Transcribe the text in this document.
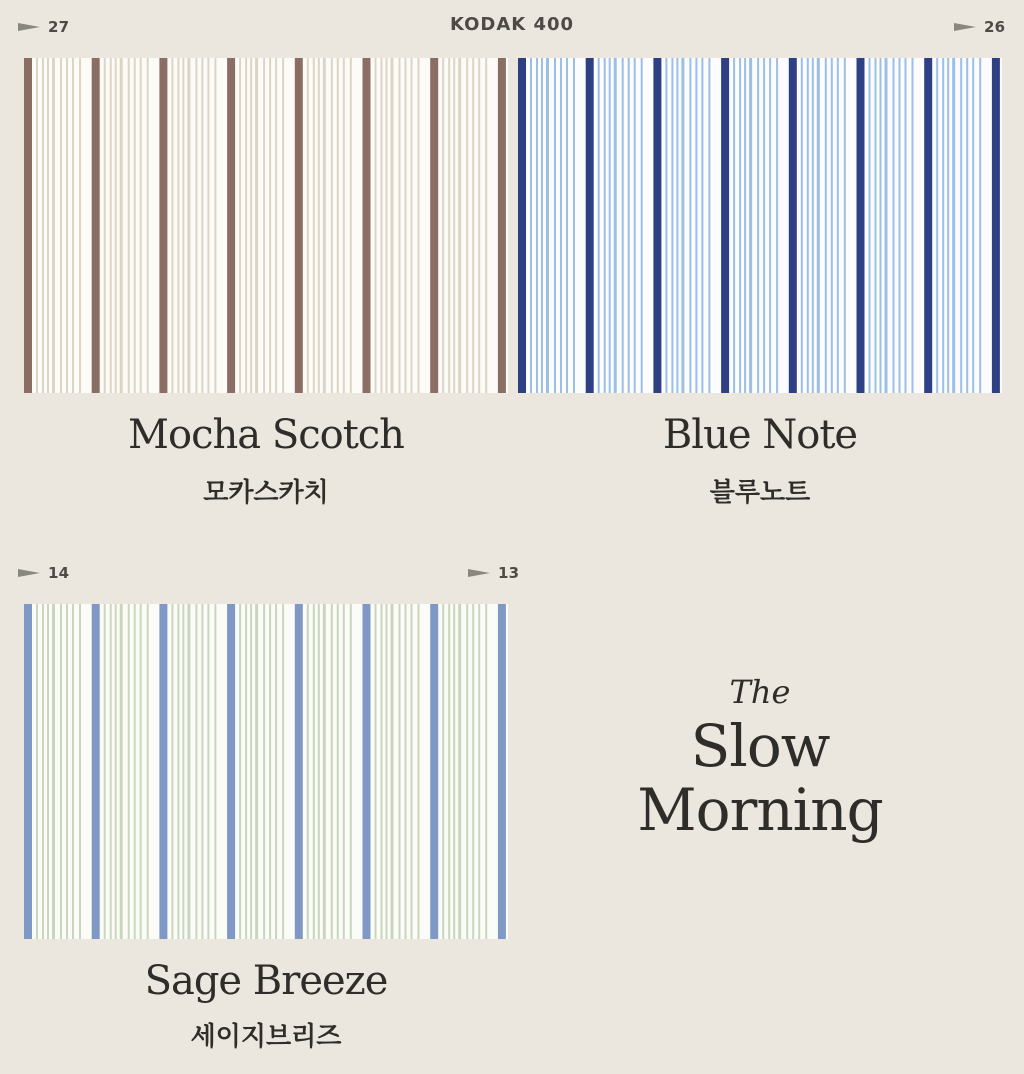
27	KODAK 400	26
14	13
Mocha Scotch
모카스카치
Blue Note
블루노트
Sage Breeze
세이지브리즈
The
Slow
Morning
